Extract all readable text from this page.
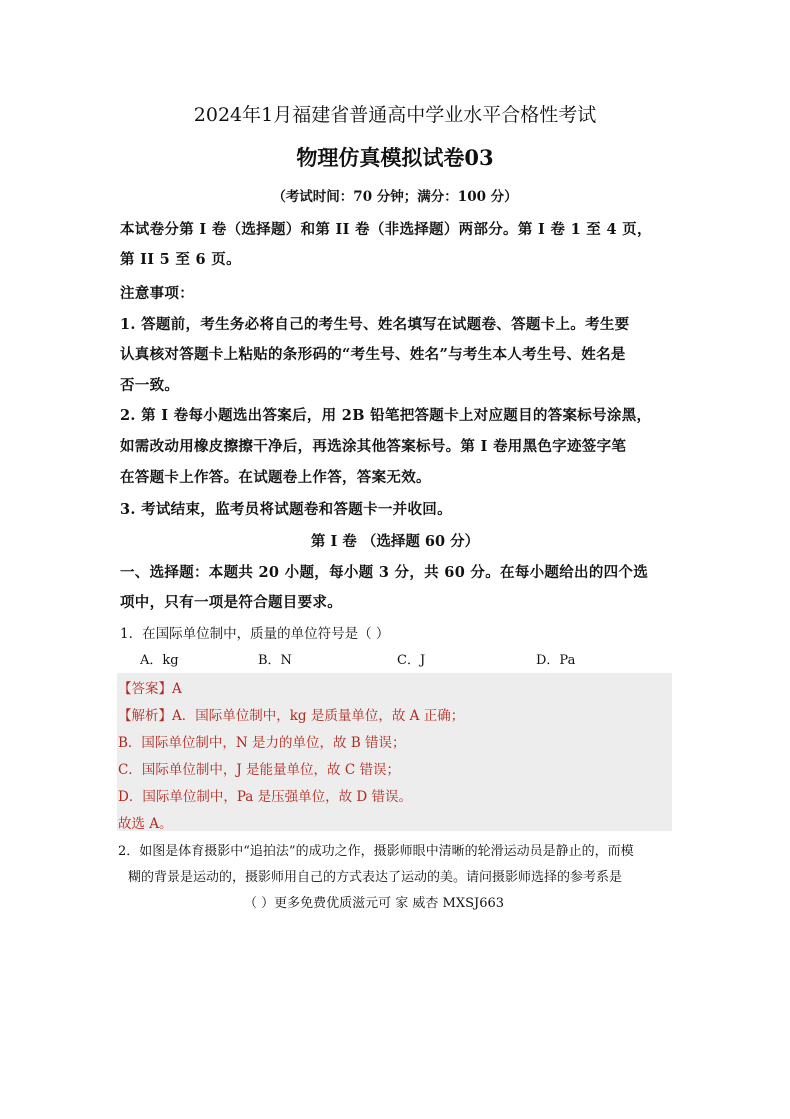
2024年1月福建省普通高中学业水平合格性考试
物理仿真模拟试卷03
（考试时间：70 分钟；满分：100 分）
本试卷分第 I 卷（选择题）和第 II 卷（非选择题）两部分。第 I 卷 1 至 4 页，
第 II 5 至 6 页。
注意事项：
1. 答题前，考生务必将自己的考生号、姓名填写在试题卷、答题卡上。考生要
认真核对答题卡上粘贴的条形码的“考生号、姓名”与考生本人考生号、姓名是
否一致。
2. 第 I 卷每小题选出答案后，用 2B 铅笔把答题卡上对应题目的答案标号涂黑，
如需改动用橡皮擦擦干净后，再选涂其他答案标号。第 I 卷用黑色字迹签字笔
在答题卡上作答。在试题卷上作答，答案无效。
3. 考试结束，监考员将试题卷和答题卡一并收回。
第 I 卷 （选择题 60 分）
一、选择题：本题共 20 小题，每小题 3 分，共 60 分。在每小题给出的四个选
项中，只有一项是符合题目要求。
1．在国际单位制中，质量的单位符号是（ ）
A．kg	B．N	C．J	D．Pa
【答案】A
【解析】A．国际单位制中，kg 是质量单位，故 A 正确；
B．国际单位制中，N 是力的单位，故 B 错误；
C．国际单位制中，J 是能量单位，故 C 错误；
D．国际单位制中，Pa 是压强单位，故 D 错误。
故选 A。
2．如图是体育摄影中“追拍法”的成功之作，摄影师眼中清晰的轮滑运动员是静止的，而模
糊的背景是运动的，摄影师用自己的方式表达了运动的美。请问摄影师选择的参考系是
（ ）更多免费优质滋元可 家 威杏 MXSJ663
